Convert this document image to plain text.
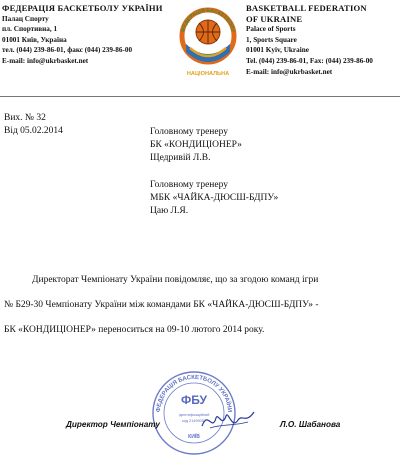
ФЕДЕРАЦІЯ БАСКЕТБОЛУ УКРАЇНИ
Палац Спорту
пл. Спортивна, 1
01001 Київ, Україна
тел. (044) 239-86-01, факс (044) 239-86-00
E-mail: info@ukrbasket.net
ФЕДЕРАЦІЯ БАСКЕТБОЛУ
НАЦІОНАЛЬНА
BASKETBALL FEDERATION
OF UKRAINE
Palace of Sports
1, Sports Square
01001 Kyiv, Ukraine
Tel. (044) 239-86-01, Fax: (044) 239-86-00
E-mail: info@ukrbasket.net
Вих. № 32
Від 05.02.2014	Головному тренеру
БК «КОНДИЦІОНЕР»
Щедривій Л.В.
Головному тренеру
МБК «ЧАЙКА-ДЮСШ-БДПУ»
Цаю Л.Я.
Директорат Чемпіонату України повідомляє, що за згодою команд ігри
№ Б29-30 Чемпіонату України між командами БК «ЧАЙКА-ДЮСШ-БДПУ» -
БК «КОНДИЦІОНЕР» переноситься на 09-10 лютого 2014 року.
ФЕДЕРАЦІЯ БАСКЕТБОЛУ УКРАЇНИ
ФБУ
Ідентифікаційний
код 21499057
КИЇВ
Директор Чемпіонату	Л.О. Шабанова
